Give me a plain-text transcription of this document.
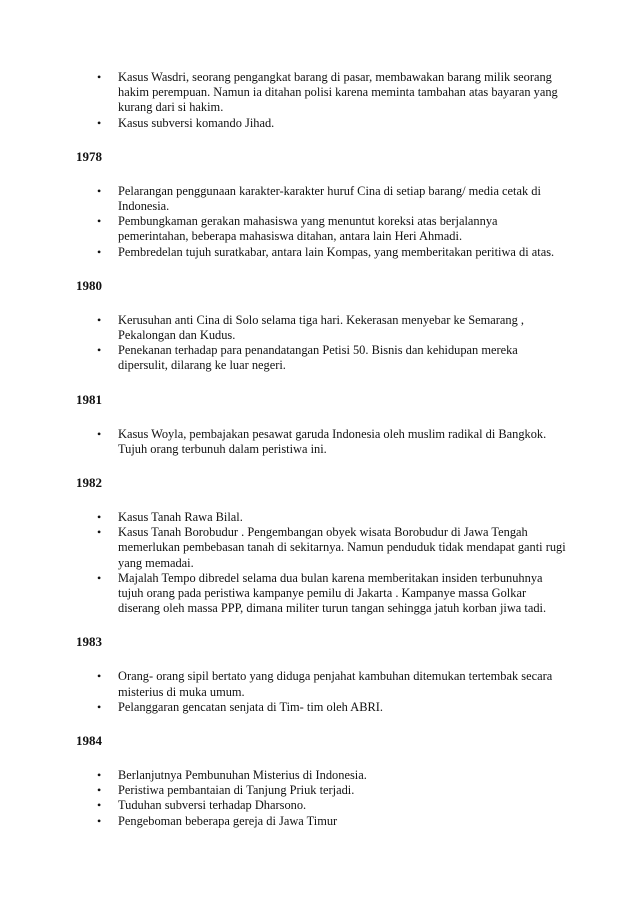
• Kasus Wasdri, seorang pengangkat barang di pasar, membawakan barang milik seorang hakim perempuan. Namun ia ditahan polisi karena meminta tambahan atas bayaran yang kurang dari si hakim.
• Kasus subversi komando Jihad.
1978
• Pelarangan penggunaan karakter-karakter huruf Cina di setiap barang/ media cetak di Indonesia.
• Pembungkaman gerakan mahasiswa yang menuntut koreksi atas berjalannya pemerintahan, beberapa mahasiswa ditahan, antara lain Heri Ahmadi.
• Pembredelan tujuh suratkabar, antara lain Kompas, yang memberitakan peritiwa di atas.
1980
• Kerusuhan anti Cina di Solo selama tiga hari. Kekerasan menyebar ke Semarang , Pekalongan dan Kudus.
• Penekanan terhadap para penandatangan Petisi 50. Bisnis dan kehidupan mereka dipersulit, dilarang ke luar negeri.
1981
• Kasus Woyla, pembajakan pesawat garuda Indonesia oleh muslim radikal di Bangkok. Tujuh orang terbunuh dalam peristiwa ini.
1982
• Kasus Tanah Rawa Bilal.
• Kasus Tanah Borobudur . Pengembangan obyek wisata Borobudur di Jawa Tengah memerlukan pembebasan tanah di sekitarnya. Namun penduduk tidak mendapat ganti rugi yang memadai.
• Majalah Tempo dibredel selama dua bulan karena memberitakan insiden terbunuhnya tujuh orang pada peristiwa kampanye pemilu di Jakarta . Kampanye massa Golkar diserang oleh massa PPP, dimana militer turun tangan sehingga jatuh korban jiwa tadi.
1983
• Orang- orang sipil bertato yang diduga penjahat kambuhan ditemukan tertembak secara misterius di muka umum.
• Pelanggaran gencatan senjata di Tim- tim oleh ABRI.
1984
• Berlanjutnya Pembunuhan Misterius di Indonesia.
• Peristiwa pembantaian di Tanjung Priuk terjadi.
• Tuduhan subversi terhadap Dharsono.
• Pengeboman beberapa gereja di Jawa Timur
